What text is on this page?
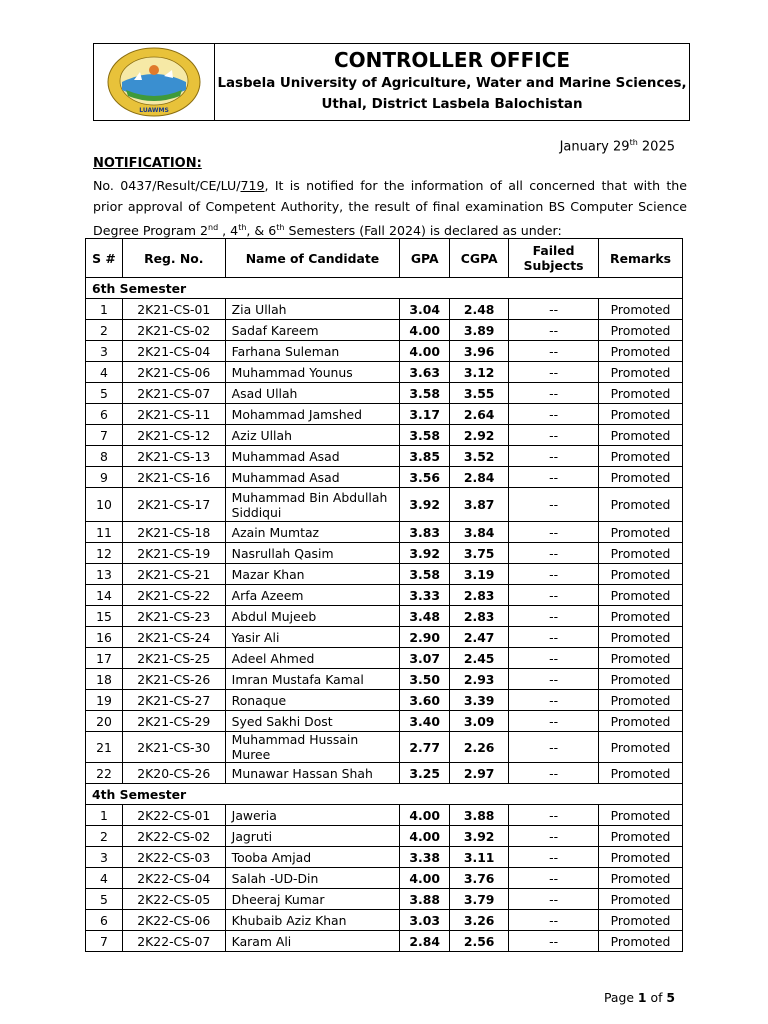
LUAWMS
CONTROLLER OFFICE
Lasbela University of Agriculture, Water and Marine Sciences,
Uthal, District Lasbela Balochistan
January 29th 2025
NOTIFICATION:
No. 0437/Result/CE/LU/719, It is notified for the information of all concerned that with the prior approval of Competent Authority, the result of final examination BS Computer Science Degree Program 2nd , 4th, & 6th Semesters (Fall 2024) is declared as under:
S #	Reg. No.	Name of Candidate	GPA	CGPA	Failed Subjects	Remarks
6th Semester						
1	2K21-CS-01	Zia Ullah	3.04	2.48	--	Promoted
2	2K21-CS-02	Sadaf Kareem	4.00	3.89	--	Promoted
3	2K21-CS-04	Farhana Suleman	4.00	3.96	--	Promoted
4	2K21-CS-06	Muhammad Younus	3.63	3.12	--	Promoted
5	2K21-CS-07	Asad Ullah	3.58	3.55	--	Promoted
6	2K21-CS-11	Mohammad Jamshed	3.17	2.64	--	Promoted
7	2K21-CS-12	Aziz Ullah	3.58	2.92	--	Promoted
8	2K21-CS-13	Muhammad Asad	3.85	3.52	--	Promoted
9	2K21-CS-16	Muhammad Asad	3.56	2.84	--	Promoted
10	2K21-CS-17	Muhammad Bin Abdullah Siddiqui	3.92	3.87	--	Promoted
11	2K21-CS-18	Azain Mumtaz	3.83	3.84	--	Promoted
12	2K21-CS-19	Nasrullah Qasim	3.92	3.75	--	Promoted
13	2K21-CS-21	Mazar Khan	3.58	3.19	--	Promoted
14	2K21-CS-22	Arfa Azeem	3.33	2.83	--	Promoted
15	2K21-CS-23	Abdul Mujeeb	3.48	2.83	--	Promoted
16	2K21-CS-24	Yasir Ali	2.90	2.47	--	Promoted
17	2K21-CS-25	Adeel Ahmed	3.07	2.45	--	Promoted
18	2K21-CS-26	Imran Mustafa Kamal	3.50	2.93	--	Promoted
19	2K21-CS-27	Ronaque	3.60	3.39	--	Promoted
20	2K21-CS-29	Syed Sakhi Dost	3.40	3.09	--	Promoted
21	2K21-CS-30	Muhammad Hussain Muree	2.77	2.26	--	Promoted
22	2K20-CS-26	Munawar Hassan Shah	3.25	2.97	--	Promoted
4th Semester						
1	2K22-CS-01	Jaweria	4.00	3.88	--	Promoted
2	2K22-CS-02	Jagruti	4.00	3.92	--	Promoted
3	2K22-CS-03	Tooba Amjad	3.38	3.11	--	Promoted
4	2K22-CS-04	Salah -UD-Din	4.00	3.76	--	Promoted
5	2K22-CS-05	Dheeraj Kumar	3.88	3.79	--	Promoted
6	2K22-CS-06	Khubaib Aziz Khan	3.03	3.26	--	Promoted
7	2K22-CS-07	Karam Ali	2.84	2.56	--	Promoted
Page 1 of 5
